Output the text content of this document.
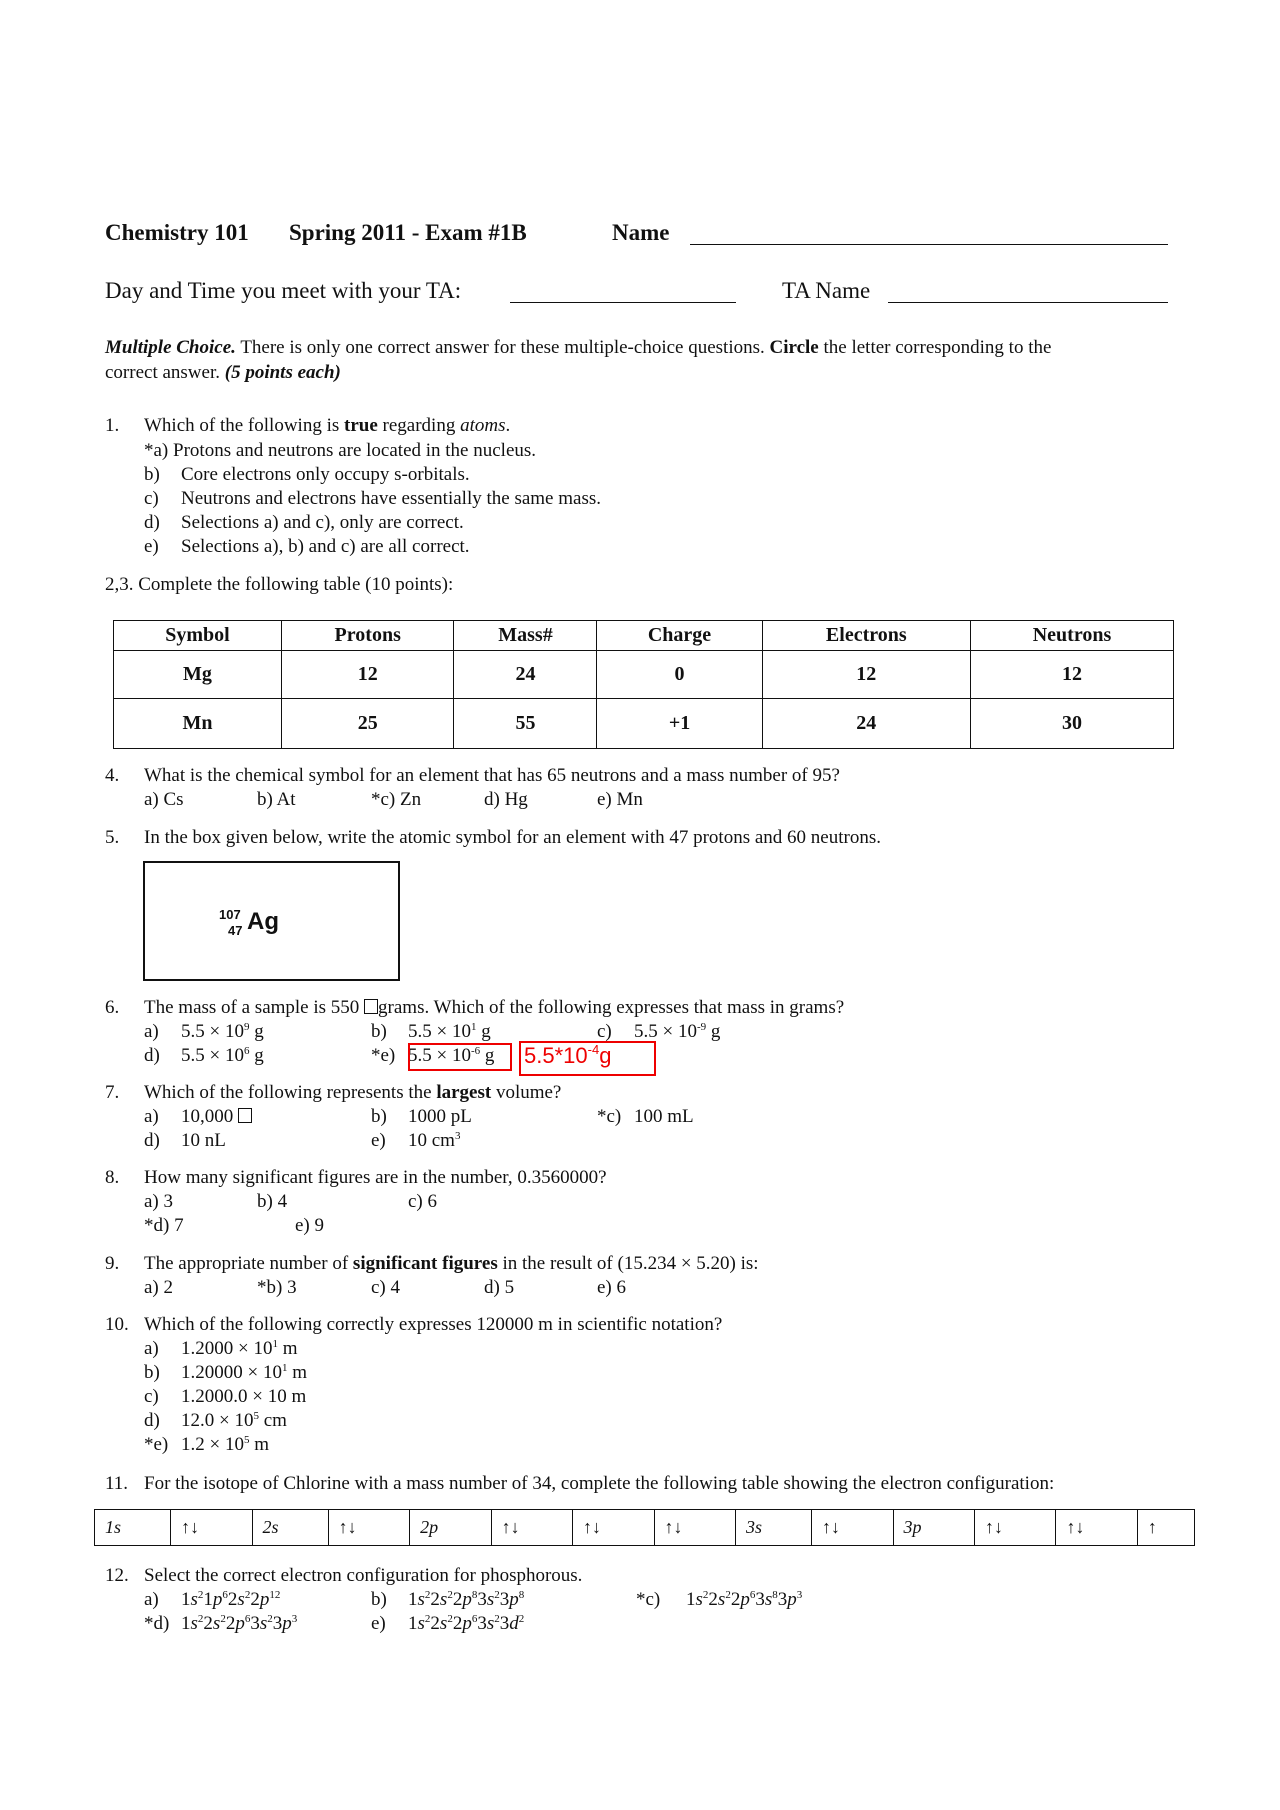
Chemistry 101 Spring 2011 - Exam #1B	Name
Day and Time you meet with your TA:	TA Name
Multiple Choice. There is only one correct answer for these multiple-choice questions. Circle the letter corresponding to the
correct answer. (5 points each)
1. Which of the following is true regarding atoms.
*a) Protons and neutrons are located in the nucleus.
b) Core electrons only occupy s-orbitals.
c) Neutrons and electrons have essentially the same mass.
d) Selections a) and c), only are correct.
e) Selections a), b) and c) are all correct.
2,3. Complete the following table (10 points):
Symbol	Protons	Mass#	Charge	Electrons	Neutrons
Mg	12	24	0	12	12
Mn	25	55	+1	24	30
4. What is the chemical symbol for an element that has 65 neutrons and a mass number of 95?
a) Cs	b) At	*c) Zn	d) Hg	e) Mn
5. In the box given below, write the atomic symbol for an element with 47 protons and 60 neutrons.
107
47 Ag
6. The mass of a sample is 550 grams. Which of the following expresses that mass in grams?
a) $5.5 \times 10^9$ g	b) $5.5 \times 10^1$ g	c) $5.5 \times 10^{-9}$ g
d) $5.5 \times 10^6$ g	*e) $5.5 \times 10^{-6}$ g $5.5*10^{-4}g$
7. Which of the following represents the largest volume?
a) 10,000	b) 1000 pL	*c) 100 mL
d) 10 nL	e) 10 $cm^3$
8. How many significant figures are in the number, 0.3560000?
a) 3	b) 4	c) 6
*d) 7	e) 9
9. The appropriate number of significant figures in the result of (15.234 × 5.20) is:
a) 2	*b) 3	c) 4	d) 5	e) 6
10. Which of the following correctly expresses 120000 m in scientific notation?
a) $1.2000 \times 10^1$ m
b) $1.20000 \times 10^1$ m
c) 1.2000.0 × 10 m
d) $12.0 \times 10^5$ cm
*e) $1.2 \times 10^5$ m
11. For the isotope of Chlorine with a mass number of 34, complete the following table showing the electron configuration:
1s	↑↓	2s	↑↓	2p	↑↓	↑↓	↑↓	3s	↑↓	3p	↑↓	↑↓	↑
12. Select the correct electron configuration for phosphorous.
a) $1s^21p^62s^22p^{12}$	b) $1s^22s^22p^83s^23p^8$	*c) $1s^22s^22p^63s^83p^3$
*d) $1s^22s^22p^63s^23p^3$	e) $1s^22s^22p^63s^23d^2$
